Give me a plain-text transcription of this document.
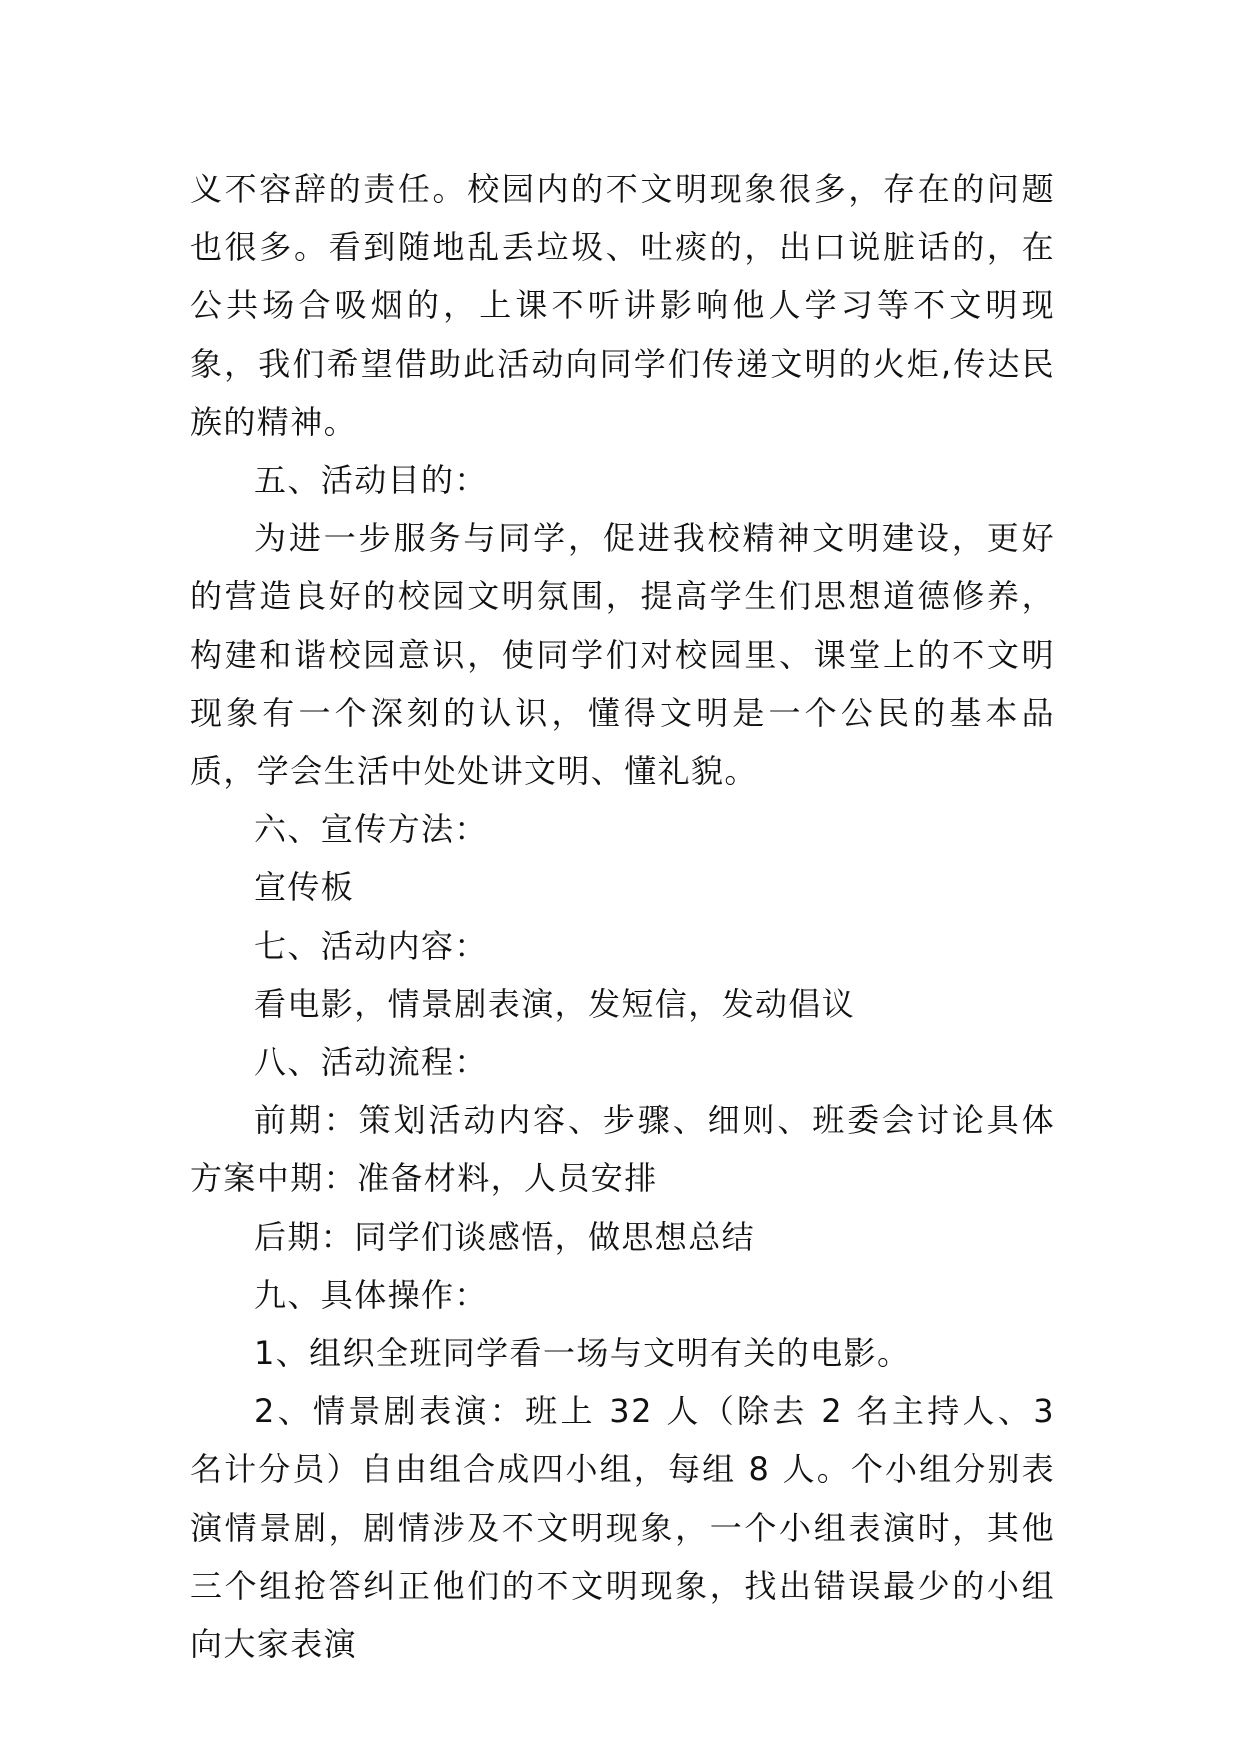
义不容辞的责任。校园内的不文明现象很多，存在的问题也很多。看到随地乱丢垃圾、吐痰的，出口说脏话的，在公共场合吸烟的，上课不听讲影响他人学习等不文明现象，我们希望借助此活动向同学们传递文明的火炬,传达民族的精神。

五、活动目的：

为进一步服务与同学，促进我校精神文明建设，更好的营造良好的校园文明氛围，提高学生们思想道德修养，构建和谐校园意识，使同学们对校园里、课堂上的不文明现象有一个深刻的认识，懂得文明是一个公民的基本品质，学会生活中处处讲文明、懂礼貌。

六、宣传方法：

宣传板

七、活动内容：

看电影，情景剧表演，发短信，发动倡议

八、活动流程：

前期：策划活动内容、步骤、细则、班委会讨论具体方案中期：准备材料，人员安排

后期：同学们谈感悟，做思想总结

九、具体操作：

1、组织全班同学看一场与文明有关的电影。

2、情景剧表演：班上 32 人（除去 2 名主持人、3 名计分员）自由组合成四小组，每组 8 人。个小组分别表演情景剧，剧情涉及不文明现象，一个小组表演时，其他三个组抢答纠正他们的不文明现象，找出错误最少的小组向大家表演
